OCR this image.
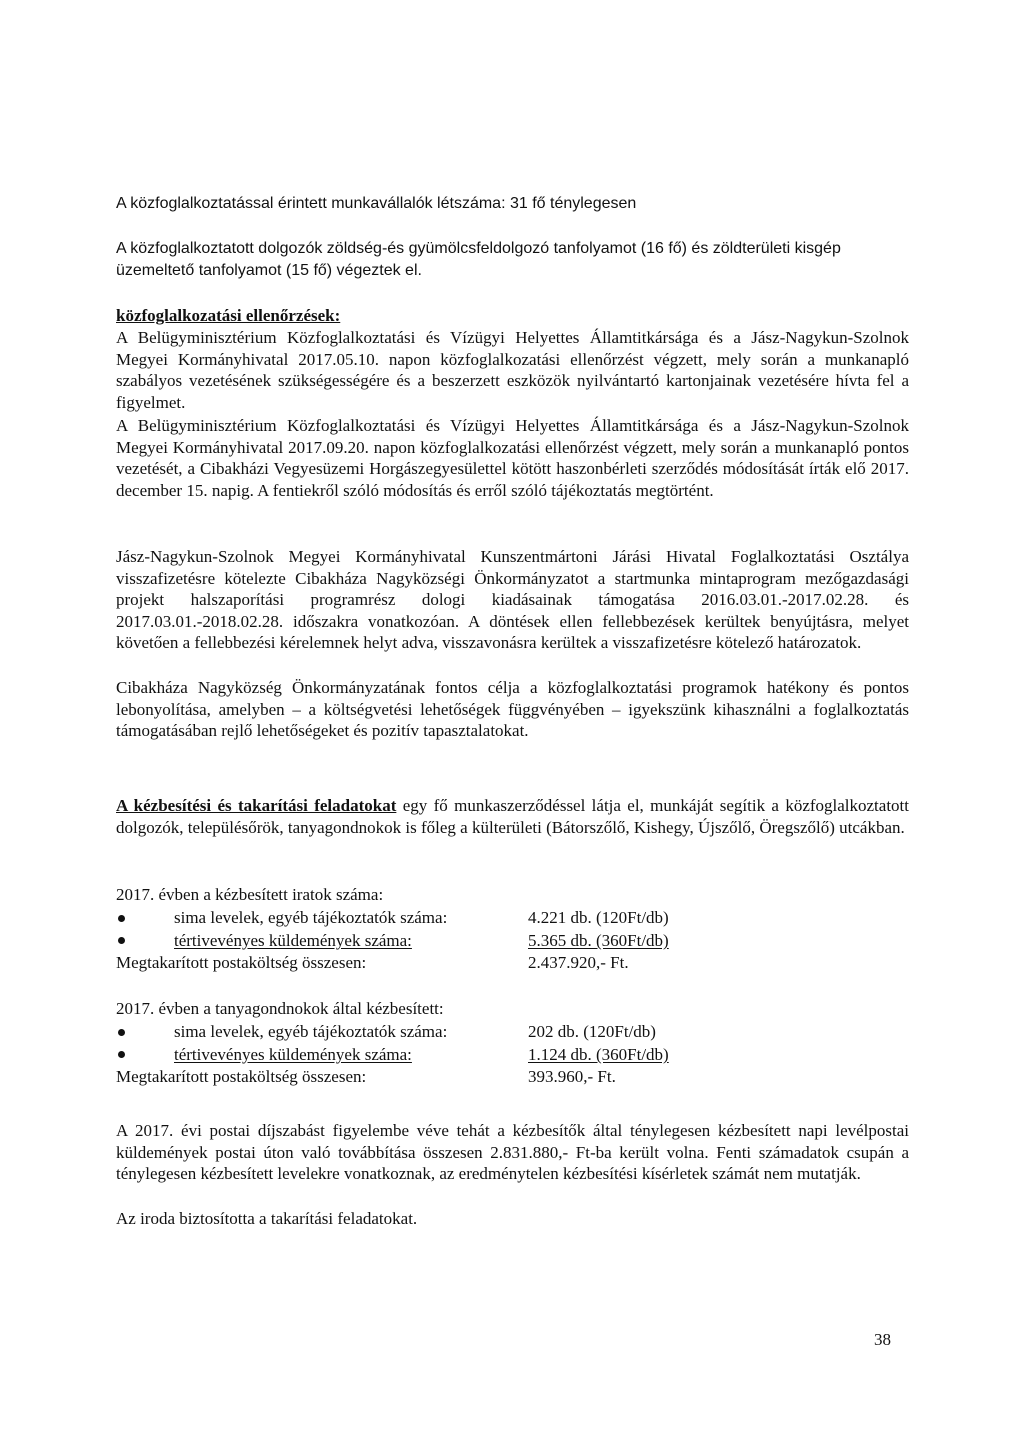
A közfoglalkoztatással érintett munkavállalók létszáma: 31 fő ténylegesen

A közfoglalkoztatott dolgozók zöldség-és gyümölcsfeldolgozó tanfolyamot (16 fő) és zöldterületi kisgép üzemeltető tanfolyamot (15 fő) végeztek el.

közfoglalkozatási ellenőrzések:

A Belügyminisztérium Közfoglalkoztatási és Vízügyi Helyettes Államtitkársága és a Jász-Nagykun-Szolnok Megyei Kormányhivatal 2017.05.10. napon közfoglalkozatási ellenőrzést végzett, mely során a munkanapló szabályos vezetésének szükségességére és a beszerzett eszközök nyilvántartó kartonjainak vezetésére hívta fel a figyelmet.

A Belügyminisztérium Közfoglalkoztatási és Vízügyi Helyettes Államtitkársága és a Jász-Nagykun-Szolnok Megyei Kormányhivatal 2017.09.20. napon közfoglalkozatási ellenőrzést végzett, mely során a munkanapló pontos vezetését, a Cibakházi Vegyesüzemi Horgászegyesülettel kötött haszonbérleti szerződés módosítását írták elő 2017. december 15. napig. A fentiekről szóló módosítás és erről szóló tájékoztatás megtörtént.

Jász-Nagykun-Szolnok Megyei Kormányhivatal Kunszentmártoni Járási Hivatal Foglalkoztatási Osztálya visszafizetésre kötelezte Cibakháza Nagyközségi Önkormányzatot a startmunka mintaprogram mezőgazdasági projekt halszaporítási programrész dologi kiadásainak támogatása 2016.03.01.-2017.02.28. és 2017.03.01.-2018.02.28. időszakra vonatkozóan. A döntések ellen fellebbezések kerültek benyújtásra, melyet követően a fellebbezési kérelemnek helyt adva, visszavonásra kerültek a visszafizetésre kötelező határozatok.

Cibakháza Nagyközség Önkormányzatának fontos célja a közfoglalkoztatási programok hatékony és pontos lebonyolítása, amelyben – a költségvetési lehetőségek függvényében – igyekszünk kihasználni a foglalkoztatás támogatásában rejlő lehetőségeket és pozitív tapasztalatokat.

A kézbesítési és takarítási feladatokat egy fő munkaszerződéssel látja el, munkáját segítik a közfoglalkoztatott dolgozók, településőrök, tanyagondnokok is főleg a külterületi (Bátorszőlő, Kishegy, Újszőlő, Öregszőlő) utcákban.

2017. évben a kézbesített iratok száma:
sima levelek, egyéb tájékoztatók száma:	4.221 db. (120Ft/db)
tértivevényes küldemények száma:	5.365 db. (360Ft/db)
Megtakarított postaköltség összesen:	2.437.920,- Ft.
2017. évben a tanyagondnokok által kézbesített:
sima levelek, egyéb tájékoztatók száma:	202 db. (120Ft/db)
tértivevényes küldemények száma:	1.124 db. (360Ft/db)
Megtakarított postaköltség összesen:	393.960,- Ft.

A 2017. évi postai díjszabást figyelembe véve tehát a kézbesítők által ténylegesen kézbesített napi levélpostai küldemények postai úton való továbbítása összesen 2.831.880,- Ft-ba került volna. Fenti számadatok csupán a ténylegesen kézbesített levelekre vonatkoznak, az eredménytelen kézbesítési kísérletek számát nem mutatják.

Az iroda biztosította a takarítási feladatokat.

38
